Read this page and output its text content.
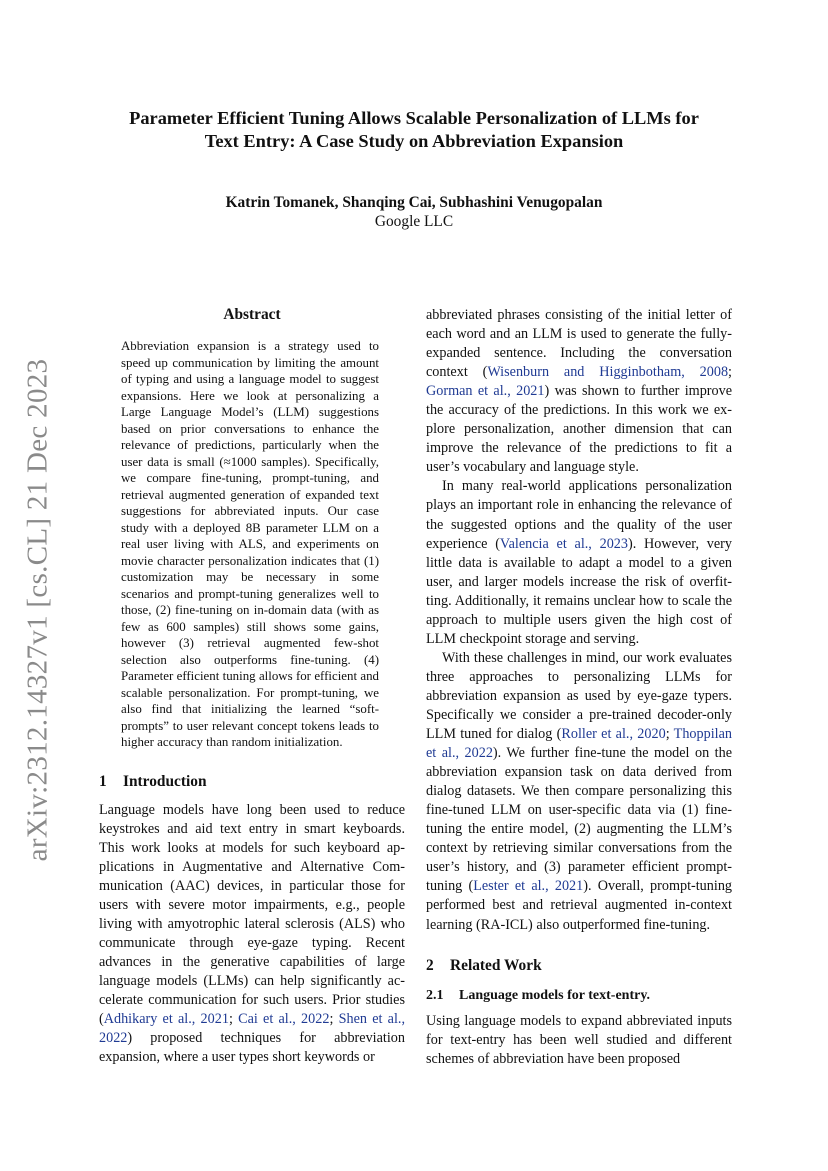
arXiv:2312.14327v1 [cs.CL] 21 Dec 2023
Parameter Efficient Tuning Allows Scalable Personalization of LLMs for
Text Entry: A Case Study on Abbreviation Expansion
Katrin Tomanek, Shanqing Cai, Subhashini Venugopalan
Google LLC
Abstract
Abbreviation expansion is a strategy used to speed up communication by limiting the amount of typing and using a language model to suggest expansions. Here we look at personalizing a Large Language Model’s (LLM) suggestions based on prior conversations to enhance the relevance of predictions, particularly when the user data is small (≈1000 samples). Specifically, we compare fine-tuning, prompt-tuning, and retrieval augmented generation of expanded text suggestions for abbreviated inputs. Our case study with a deployed 8B parameter LLM on a real user living with ALS, and experiments on movie character personalization indicates that (1) customization may be necessary in some scenarios and prompt-tuning generalizes well to those, (2) fine-tuning on in-domain data (with as few as 600 samples) still shows some gains, however (3) retrieval augmented few-shot selection also outperforms fine-tuning. (4) Parameter efficient tuning allows for efficient and scalable personalization. For prompt-tuning, we also find that initializing the learned “soft-prompts” to user relevant concept tokens leads to higher accuracy than random initialization.
1 Introduction

Language models have long been used to reduce keystrokes and aid text entry in smart keyboards. This work looks at models for such keyboard applications in Augmentative and Alternative Communication (AAC) devices, in particular those for users with severe motor impairments, e.g., people living with amyotrophic lateral sclerosis (ALS) who communicate through eye-gaze typing. Recent advances in the generative capabilities of large language models (LLMs) can help significantly accelerate communication for such users. Prior studies (Adhikary et al., 2021; Cai et al., 2022; Shen et al., 2022) proposed techniques for abbreviation expansion, where a user types short keywords or

abbreviated phrases consisting of the initial letter of each word and an LLM is used to generate the fully-expanded sentence. Including the conversation context (Wisenburn and Higginbotham, 2008; Gorman et al., 2021) was shown to further improve the accuracy of the predictions. In this work we explore personalization, another dimension that can improve the relevance of the predictions to fit a user’s vocabulary and language style.

In many real-world applications personalization plays an important role in enhancing the relevance of the suggested options and the quality of the user experience (Valencia et al., 2023). However, very little data is available to adapt a model to a given user, and larger models increase the risk of overfitting. Additionally, it remains unclear how to scale the approach to multiple users given the high cost of LLM checkpoint storage and serving.

With these challenges in mind, our work evaluates three approaches to personalizing LLMs for abbreviation expansion as used by eye-gaze typers. Specifically we consider a pre-trained decoder-only LLM tuned for dialog (Roller et al., 2020; Thoppilan et al., 2022). We further fine-tune the model on the abbreviation expansion task on data derived from dialog datasets. We then compare personalizing this fine-tuned LLM on user-specific data via (1) fine-tuning the entire model, (2) augmenting the LLM’s context by retrieving similar conversations from the user’s history, and (3) parameter efficient prompt-tuning (Lester et al., 2021). Overall, prompt-tuning performed best and retrieval augmented in-context learning (RA-ICL) also outperformed fine-tuning.

2 Related Work
2.1 Language models for text-entry.

Using language models to expand abbreviated inputs for text-entry has been well studied and different schemes of abbreviation have been proposed
